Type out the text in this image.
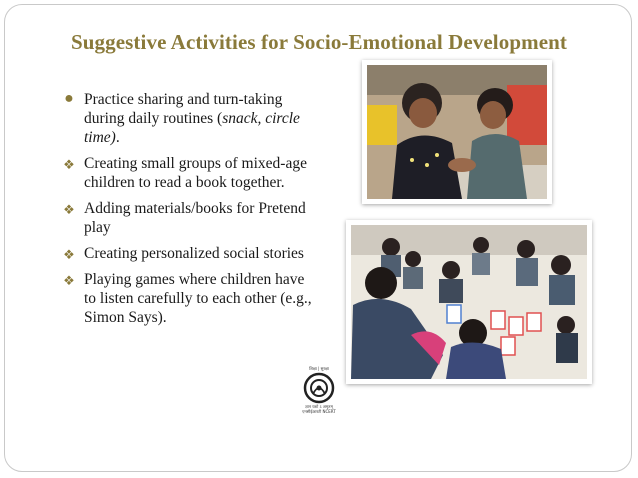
Suggestive Activities for Socio-Emotional Development
● Practice sharing and turn-taking during daily routines (snack, circle time).
❖ Creating small groups of mixed-age children to read a book together.
❖ Adding materials/books for Pretend play
❖ Creating personalized social stories
❖ Playing games where children have to listen carefully to each other (e.g., Simon Says).
शिक्षा | सुरक्षा
ज्ञान यशो ऽ अमृतम् एनसीईआरटी NCERT
